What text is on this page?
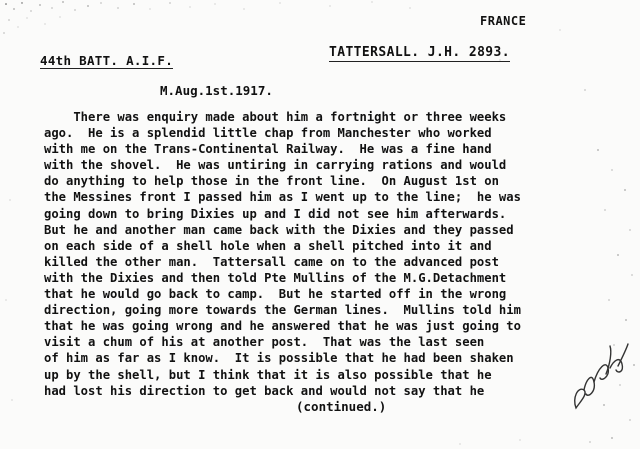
FRANCE
44th BATT. A.I.F.
TATTERSALL. J.H. 2893.
M.Aug.1st.1917.
There was enquiry made about him a fortnight or three weeks
ago.  He is a splendid little chap from Manchester who worked
with me on the Trans-Continental Railway.  He was a fine hand
with the shovel.  He was untiring in carrying rations and would
do anything to help those in the front line.  On August 1st on
the Messines front I passed him as I went up to the line;  he was
going down to bring Dixies up and I did not see him afterwards.
But he and another man came back with the Dixies and they passed
on each side of a shell hole when a shell pitched into it and
killed the other man.  Tattersall came on to the advanced post
with the Dixies and then told Pte Mullins of the M.G.Detachment
that he would go back to camp.  But he started off in the wrong
direction, going more towards the German lines.  Mullins told him
that he was going wrong and he answered that he was just going to
visit a chum of his at another post.  That was the last seen
of him as far as I know.  It is possible that he had been shaken
up by the shell, but I think that it is also possible that he
had lost his direction to get back and would not say that he
(continued.)
